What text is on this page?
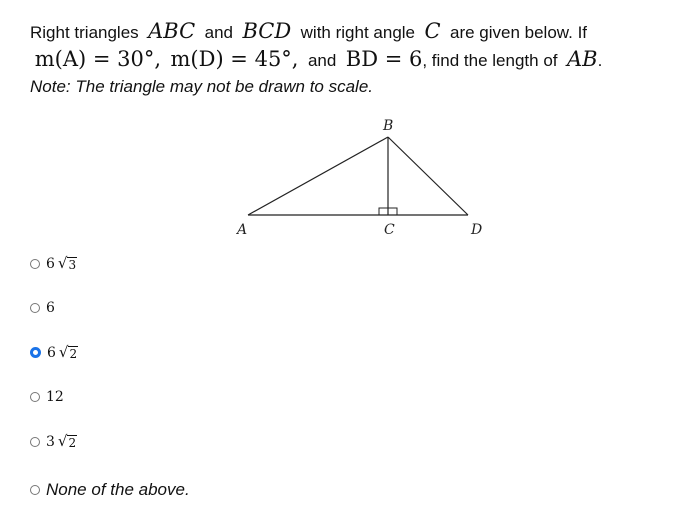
Right triangles ABC and BCD with right angle C are given below. If
m(A) = 30°, m(D) = 45°, and BD = 6, find the length of AB.
Note: The triangle may not be drawn to scale.
B
A	C	D
6 √ 3
6
6 √ 2
12
3 √ 2
None of the above.
